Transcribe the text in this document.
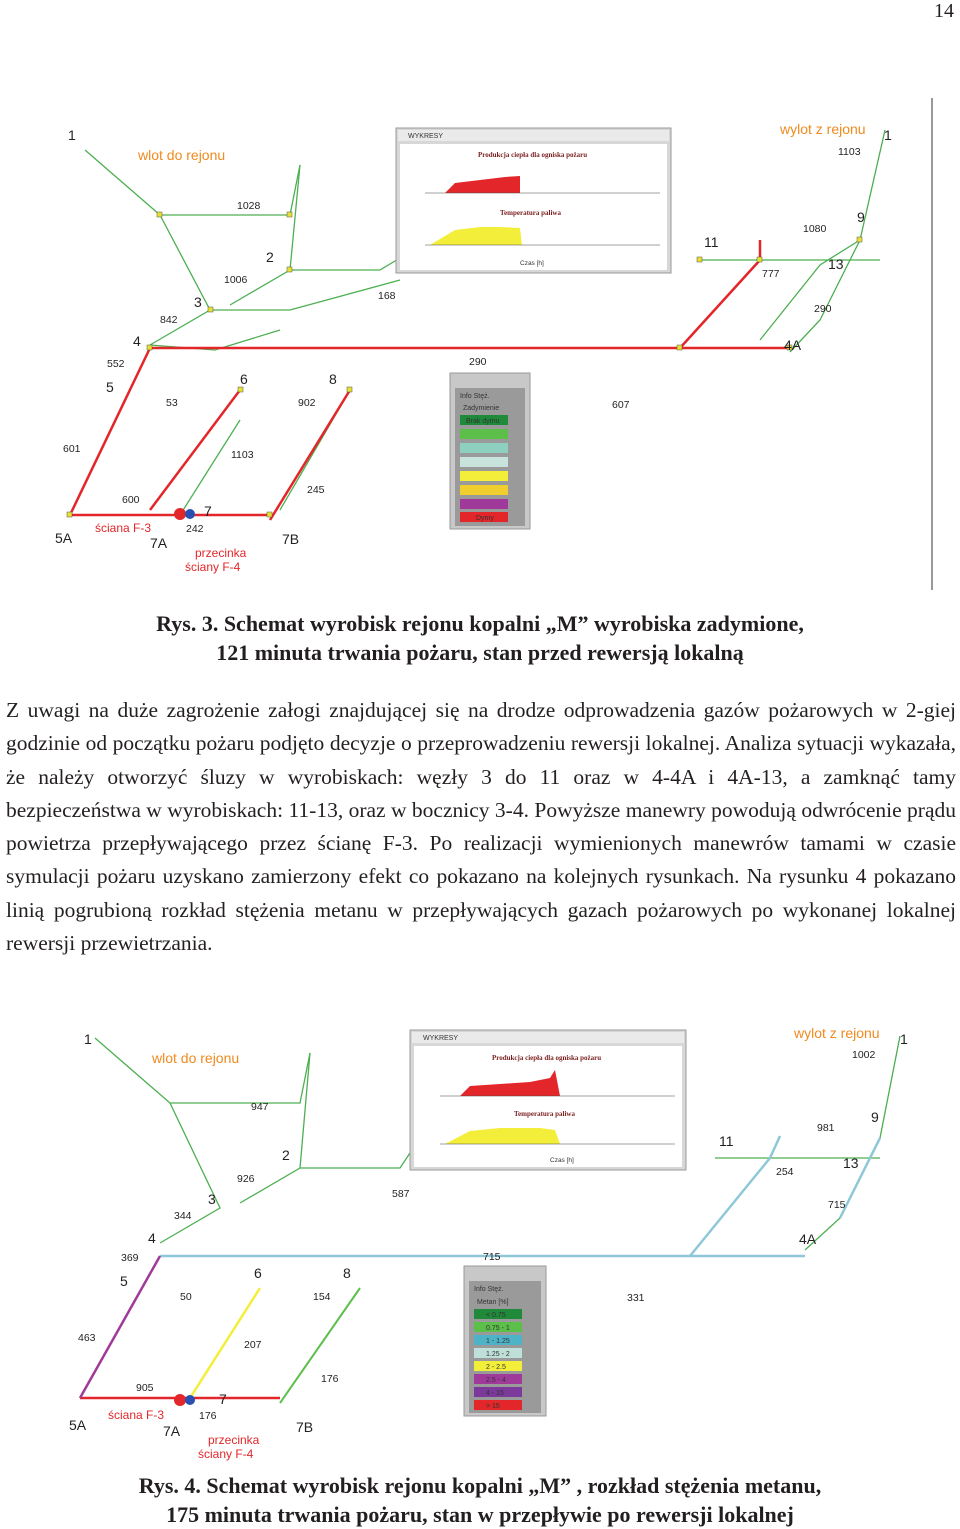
14
1	1
2
3
4
5	6	8
7
5A	7A	7B
11
9
13
4A
wlot do rejonu
wylot z rejonu
ściana F-3
przecinka
ściany F-4
1028
1006
842
552
53
601
168
902
1103
245
600
242
290
607
1103
1080
777
290
WYKRESY
Produkcja ciepła dla ogniska pożaru
Temperatura paliwa
Czas [h]
Info Stęż.
Zadymienie
Brak dymu
Dymy
Rys. 3. Schemat wyrobisk rejonu kopalni „M” wyrobiska zadymione,
121 minuta trwania pożaru, stan przed rewersją lokalną
Z uwagi na duże zagrożenie załogi znajdującej się na drodze odprowadzenia gazów pożarowych w 2-giej godzinie od początku pożaru podjęto decyzje o przeprowadzeniu rewersji lokalnej. Analiza sytuacji wykazała, że należy otworzyć śluzy w wyrobiskach: węzły 3 do 11 oraz w 4-4A i 4A-13, a zamknąć tamy bezpieczeństwa w wyrobiskach: 11-13, oraz w bocznicy 3-4. Powyższe manewry powodują odwrócenie prądu powietrza przepływającego przez ścianę F-3. Po realizacji wymienionych manewrów tamami w czasie symulacji pożaru uzyskano zamierzony efekt co pokazano na kolejnych rysunkach. Na rysunku 4 pokazano linią pogrubioną rozkład stężenia metanu w przepływających gazach pożarowych po wykonanej lokalnej rewersji przewietrzania.
1	1
2
3
4
5	6	8
7
5A	7A	7B
11
9
13
4A
wlot do rejonu
wylot z rejonu
ściana F-3
przecinka
ściany F-4
947
926
344
369
50
463
587
154
207
176
905
176
715
331
1002
981
254
715
WYKRESY
Produkcja ciepła dla ogniska pożaru
Temperatura paliwa
Czas [h]
Info Stęż.
Metan [%]
< 0.75
0.75 - 1
1 - 1.25
1.25 - 2
2 - 2.5
2.5 - 4
4 - 15
> 15
Rys. 4. Schemat wyrobisk rejonu kopalni „M” , rozkład stężenia metanu,
175 minuta trwania pożaru, stan w przepływie po rewersji lokalnej
